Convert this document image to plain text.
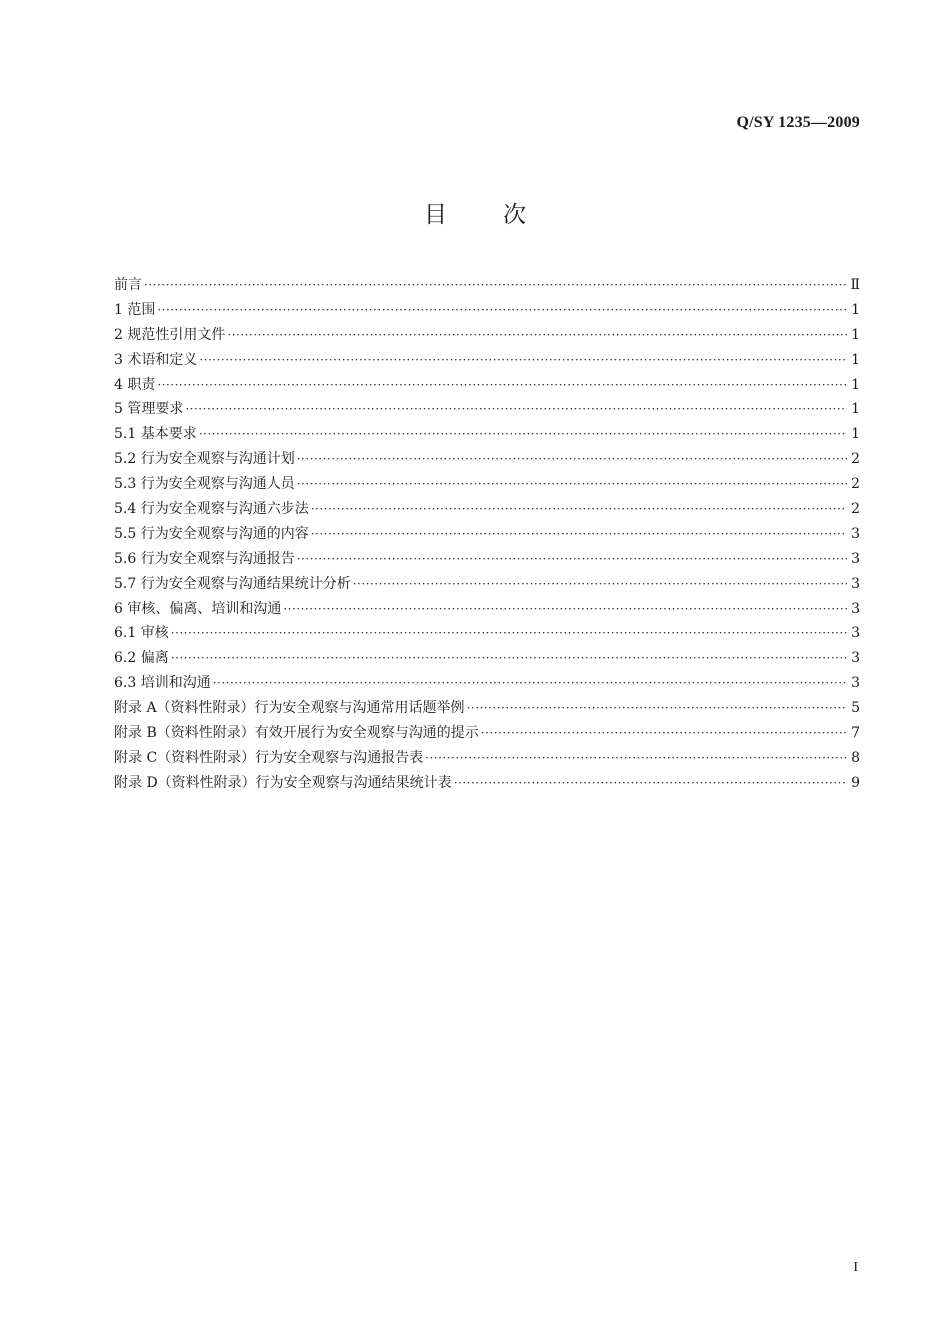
Q/SY 1235—2009
目 次
前言 ·····	Ⅱ
1 范围 ·····	1
2 规范性引用文件 ·····	1
3 术语和定义 ·····	1
4 职责 ·····	1
5 管理要求 ·····	1
5.1 基本要求 ·····	1
5.2 行为安全观察与沟通计划 ·····	2
5.3 行为安全观察与沟通人员 ·····	2
5.4 行为安全观察与沟通六步法 ·····	2
5.5 行为安全观察与沟通的内容 ·····	3
5.6 行为安全观察与沟通报告 ·····	3
5.7 行为安全观察与沟通结果统计分析 ·····	3
6 审核、偏离、培训和沟通 ·····	3
6.1 审核 ·····	3
6.2 偏离 ·····	3
6.3 培训和沟通 ·····	3
附录 A（资料性附录）行为安全观察与沟通常用话题举例 ·····	5
附录 B（资料性附录）有效开展行为安全观察与沟通的提示 ·····	7
附录 C（资料性附录）行为安全观察与沟通报告表 ·····	8
附录 D（资料性附录）行为安全观察与沟通结果统计表 ·····	9
I
